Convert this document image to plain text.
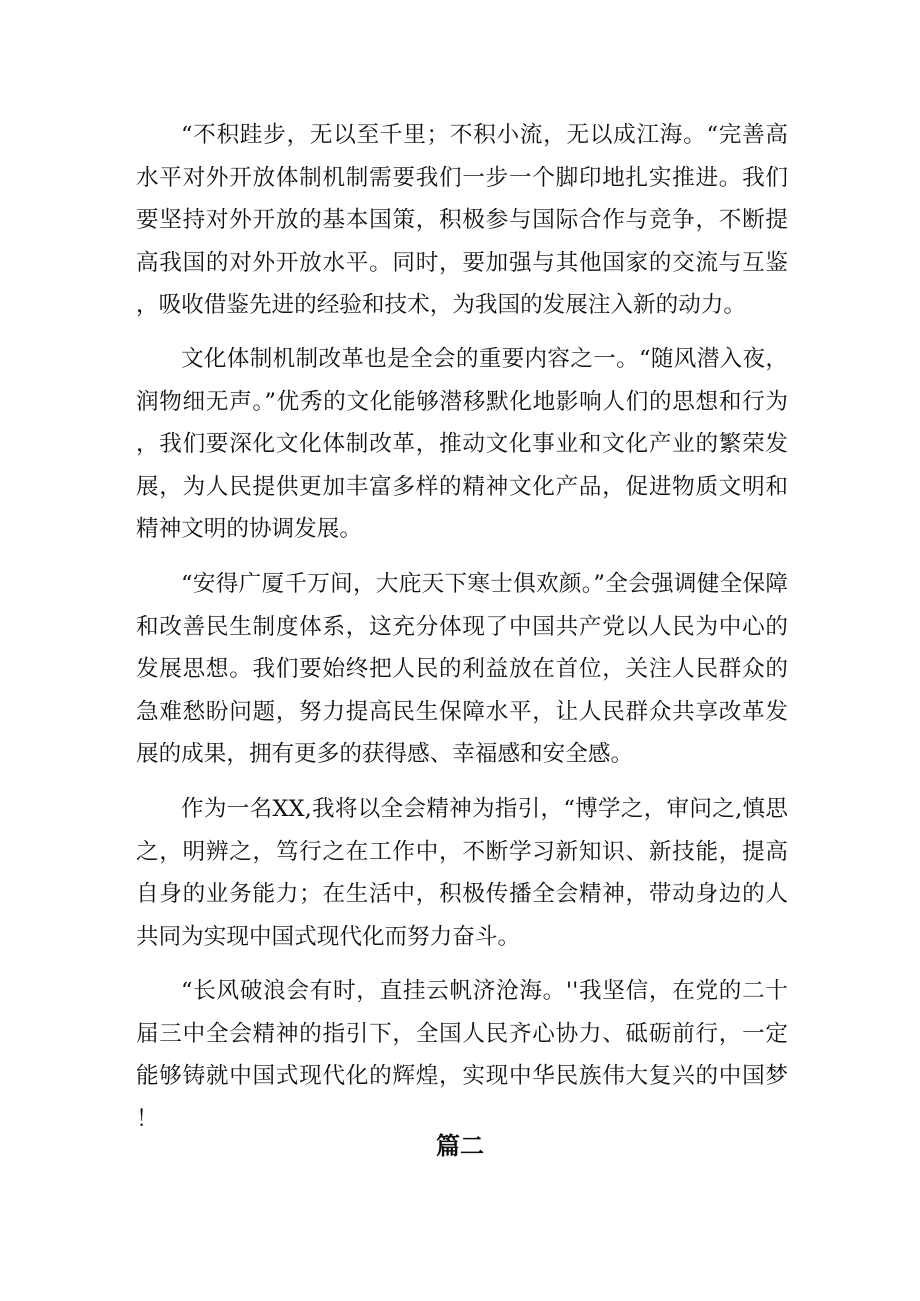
“不积跬步，无以至千里；不积小流，无以成江海。“完善高水平对外开放体制机制需要我们一步一个脚印地扎实推进。我们要坚持对外开放的基本国策，积极参与国际合作与竞争，不断提高我国的对外开放水平。同时，要加强与其他国家的交流与互鉴，吸收借鉴先进的经验和技术，为我国的发展注入新的动力。

文化体制机制改革也是全会的重要内容之一。“随风潜入夜，润物细无声。”优秀的文化能够潜移默化地影响人们的思想和行为，我们要深化文化体制改革，推动文化事业和文化产业的繁荣发展，为人民提供更加丰富多样的精神文化产品，促进物质文明和精神文明的协调发展。

“安得广厦千万间，大庇天下寒士俱欢颜。”全会强调健全保障和改善民生制度体系，这充分体现了中国共产党以人民为中心的发展思想。我们要始终把人民的利益放在首位，关注人民群众的急难愁盼问题，努力提高民生保障水平，让人民群众共享改革发展的成果，拥有更多的获得感、幸福感和安全感。

作为一名XX,我将以全会精神为指引，“博学之，审问之,慎思之，明辨之，笃行之在工作中，不断学习新知识、新技能，提高自身的业务能力；在生活中，积极传播全会精神，带动身边的人共同为实现中国式现代化而努力奋斗。

“长风破浪会有时，直挂云帆济沧海。''我坚信，在党的二十届三中全会精神的指引下，全国人民齐心协力、砥砺前行，一定能够铸就中国式现代化的辉煌，实现中华民族伟大复兴的中国梦！

篇二
